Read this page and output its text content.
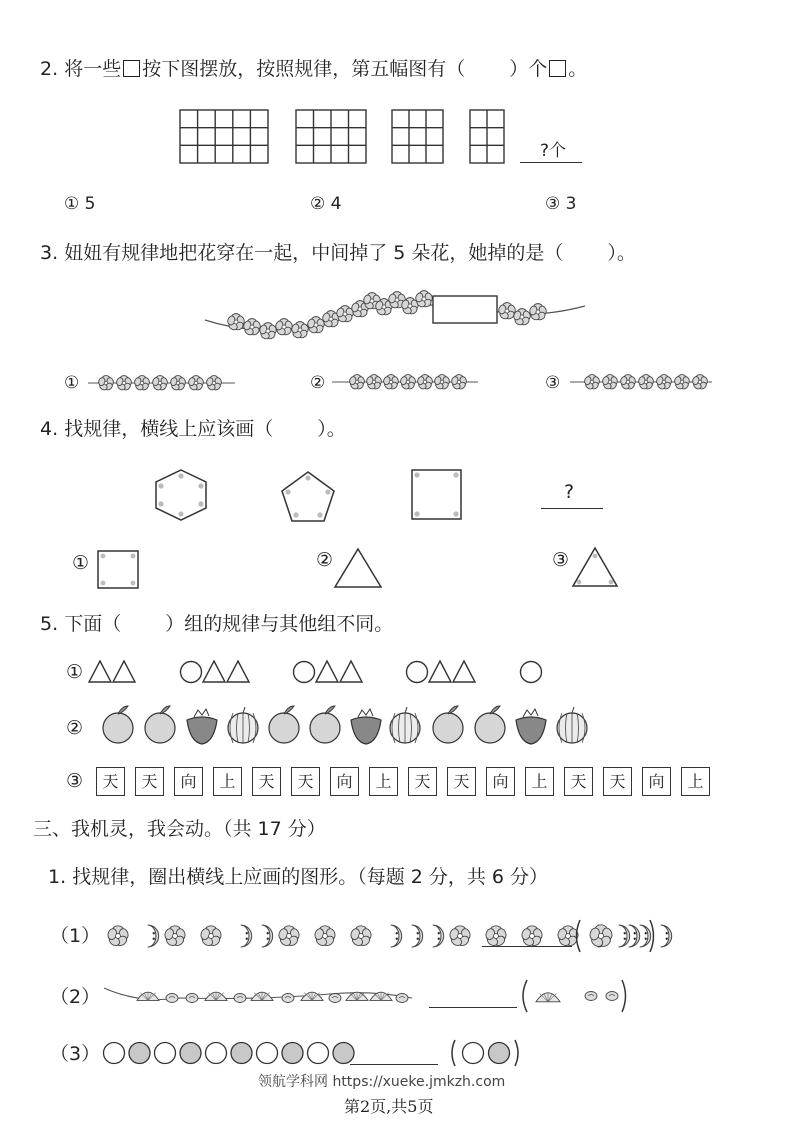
2. 将一些 按下图摆放，按照规律，第五幅图有（ ）个 。
?个
① 5	② 4	③ 3
3. 妞妞有规律地把花穿在一起，中间掉了 5 朵花，她掉的是（ ）。
①	②	③
4. 找规律，横线上应该画（ ）。
?
①	②	③
5. 下面（ ）组的规律与其他组不同。
①
②
③	天 天 向 上 天 天 向 上 天 天 向 上 天 天 向 上
三、我机灵，我会动。（共 17 分）
1. 找规律，圈出横线上应画的图形。（每题 2 分，共 6 分）
（1）
（2）
（3）
领航学科网 https://xueke.jmkzh.com
第2页,共5页
